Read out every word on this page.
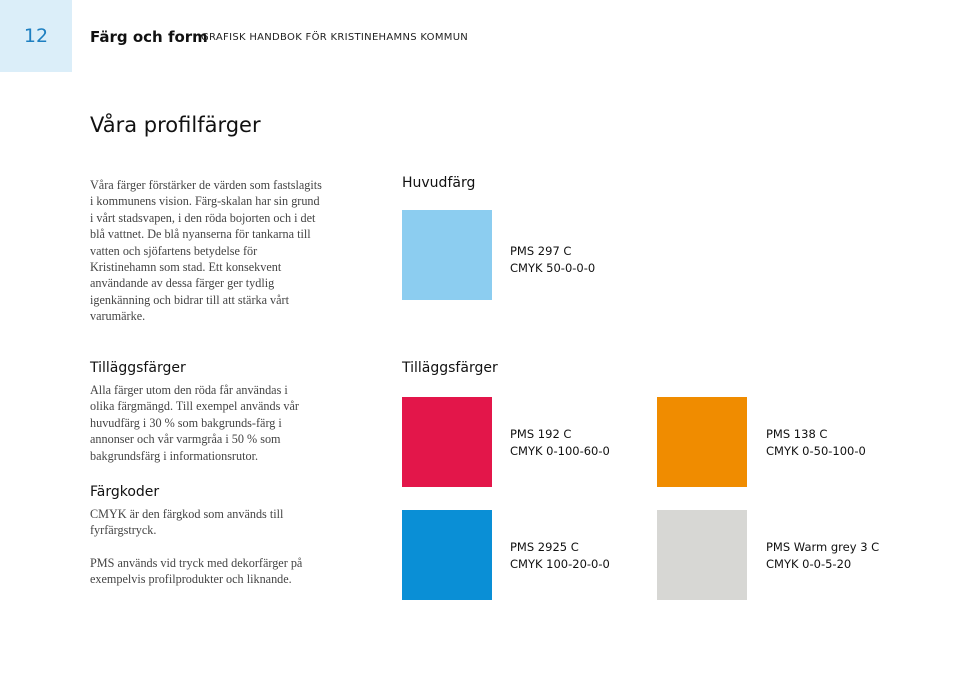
12	Färg och form
GRAFISK HANDBOK FÖR KRISTINEHAMNS KOMMUN
Våra profilfärger

Våra färger förstärker de värden som fastslagits i kommunens vision. Färg-skalan har sin grund i vårt stadsvapen, i den röda bojorten och i det blå vattnet. De blå nyanserna för tankarna till vatten och sjöfartens betydelse för Kristinehamn som stad. Ett konsekvent användande av dessa färger ger tydlig igenkänning och bidrar till att stärka vårt varumärke.

Tilläggsfärger

Alla färger utom den röda får användas i olika färgmängd. Till exempel används vår huvudfärg i 30 % som bakgrunds-färg i annonser och vår varmgråa i 50 % som bakgrundsfärg i informationsrutor.

Färgkoder

CMYK är den färgkod som används till fyrfärgstryck.

PMS används vid tryck med dekorfärger på exempelvis profilprodukter och liknande.

Huvudfärg
PMS 297 C
CMYK 50-0-0-0
Tilläggsfärger
PMS 192 C
CMYK 0-100-60-0
PMS 138 C
CMYK 0-50-100-0
PMS 2925 C
CMYK 100-20-0-0
PMS Warm grey 3 C
CMYK 0-0-5-20
